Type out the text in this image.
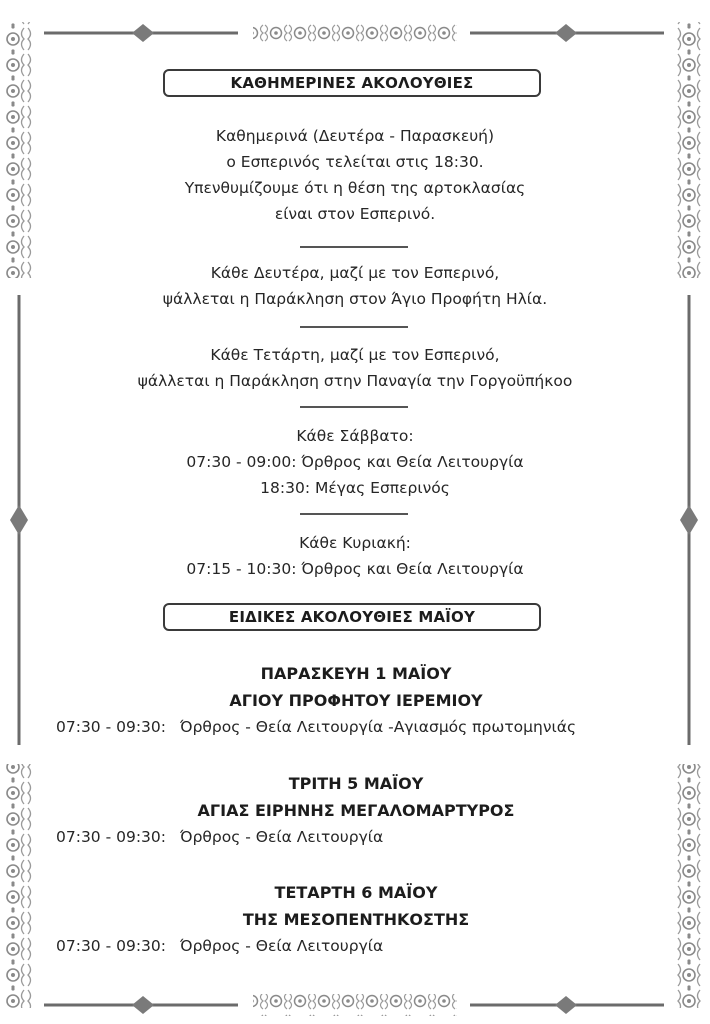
ΚΑΘΗΜΕΡΙΝΕΣ ΑΚΟΛΟΥΘΙΕΣ
Καθημερινά (Δευτέρα - Παρασκευή)
ο Εσπερινός τελείται στις 18:30.
Υπενθυμίζουμε ότι η θέση της αρτοκλασίας
είναι στον Εσπερινό.
Κάθε Δευτέρα, μαζί με τον Εσπερινό,
ψάλλεται η Παράκληση στον Άγιο Προφήτη Ηλία.
Κάθε Τετάρτη, μαζί με τον Εσπερινό,
ψάλλεται η Παράκληση στην Παναγία την Γοργοϋπήκοο
Κάθε Σάββατο:
07:30 - 09:00: Όρθρος και Θεία Λειτουργία
18:30: Μέγας Εσπερινός
Κάθε Κυριακή:
07:15 - 10:30: Όρθρος και Θεία Λειτουργία
ΕΙΔΙΚΕΣ ΑΚΟΛΟΥΘΙΕΣ ΜΑΪΟΥ
ΠΑΡΑΣΚΕΥΗ 1 ΜΑΪΟΥ
ΑΓΙΟΥ ΠΡΟΦΗΤΟΥ ΙΕΡΕΜΙΟΥ
07:30 - 09:30: Όρθρος - Θεία Λειτουργία -Αγιασμός πρωτομηνιάς
ΤΡΙΤΗ 5 ΜΑΪΟΥ
ΑΓΙΑΣ ΕΙΡΗΝΗΣ ΜΕΓΑΛΟΜΑΡΤΥΡΟΣ
07:30 - 09:30: Όρθρος - Θεία Λειτουργία
ΤΕΤΑΡΤΗ 6 ΜΑΪΟΥ
ΤΗΣ ΜΕΣΟΠΕΝΤΗΚΟΣΤΗΣ
07:30 - 09:30: Όρθρος - Θεία Λειτουργία
